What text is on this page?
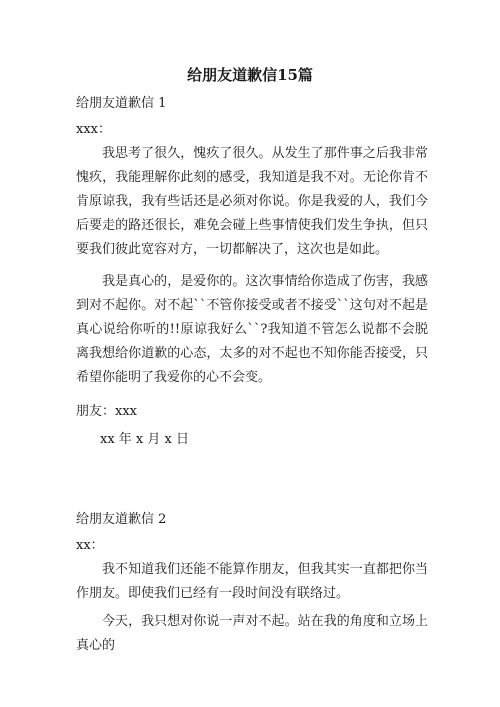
给朋友道歉信15篇

给朋友道歉信 1

xxx：

我思考了很久，愧疚了很久。从发生了那件事之后我非常愧疚，我能理解你此刻的感受，我知道是我不对。无论你肯不肯原谅我，我有些话还是必须对你说。你是我爱的人，我们今后要走的路还很长，难免会碰上些事情使我们发生争执，但只要我们彼此宽容对方，一切都解决了，这次也是如此。

我是真心的，是爱你的。这次事情给你造成了伤害，我感到对不起你。对不起``不管你接受或者不接受``这句对不起是真心说给你听的!!原谅我好么``?我知道不管怎么说都不会脱离我想给你道歉的心态，太多的对不起也不知你能否接受，只希望你能明了我爱你的心不会变。

朋友：xxx

xx 年 x 月 x 日

给朋友道歉信 2

xx：

我不知道我们还能不能算作朋友，但我其实一直都把你当作朋友。即使我们已经有一段时间没有联络过。

今天，我只想对你说一声对不起。站在我的角度和立场上真心的
